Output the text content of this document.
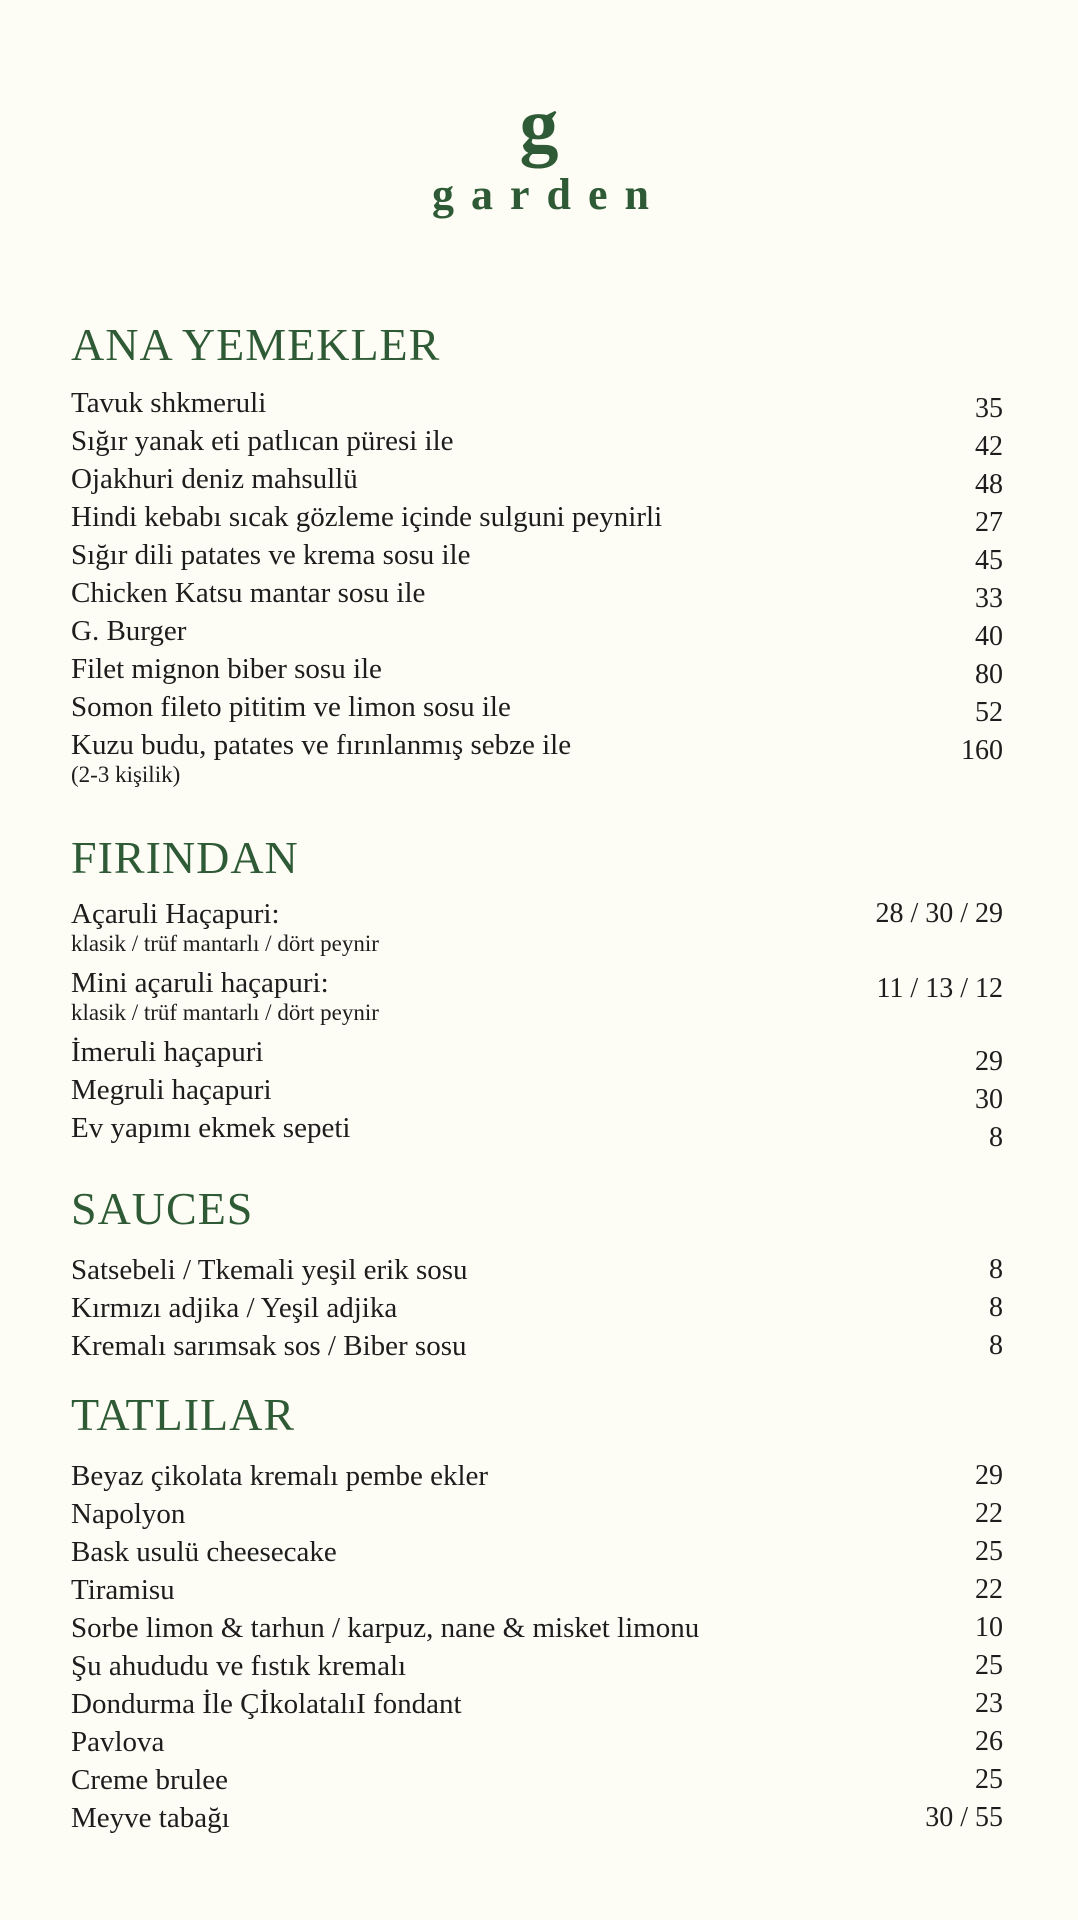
g
garden
ANA YEMEKLER
Tavuk shkmeruli	35
Sığır yanak eti patlıcan püresi ile	42
Ojakhuri deniz mahsullü	48
Hindi kebabı sıcak gözleme içinde sulguni peynirli	27
Sığır dili patates ve krema sosu ile	45
Chicken Katsu mantar sosu ile	33
G. Burger	40
Filet mignon biber sosu ile	80
Somon fileto pititim ve limon sosu ile	52
Kuzu budu, patates ve fırınlanmış sebze ile	160
(2-3 kişilik)
FIRINDAN
Açaruli Haçapuri:	28 / 30 / 29
klasik / trüf mantarlı / dört peynir
Mini açaruli haçapuri:	11 / 13 / 12
klasik / trüf mantarlı / dört peynir
İmeruli haçapuri	29
Megruli haçapuri	30
Ev yapımı ekmek sepeti	8
SAUCES
Satsebeli / Tkemali yeşil erik sosu	8
Kırmızı adjika / Yeşil adjika	8
Kremalı sarımsak sos / Biber sosu	8
TATLILAR
Beyaz çikolata kremalı pembe ekler	29
Napolyon	22
Bask usulü cheesecake	25
Tiramisu	22
Sorbe limon & tarhun / karpuz, nane & misket limonu	10
Şu ahududu ve fıstık kremalı	25
Dondurma İle ÇİkolatalıI fondant	23
Pavlova	26
Creme brulee	25
Meyve tabağı	30 / 55
